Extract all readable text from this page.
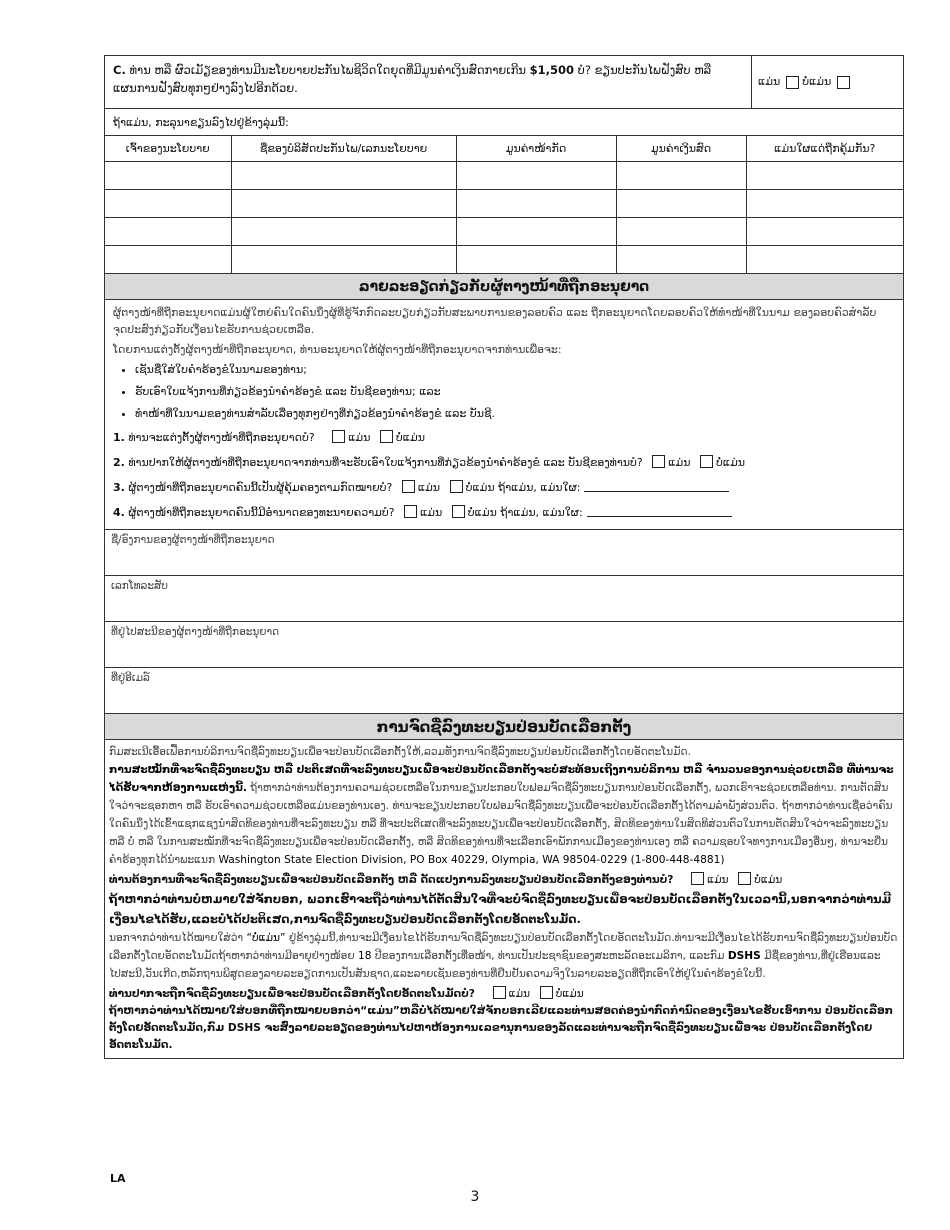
C. ທ່ານ ຫລື ຜົວເມັຽຂອງທ່ານມີນະໂຍບາຍປະກັນໄພຊີວິດໃດຍຸດທີ່ມີມູນຄ່າເງິນສົດກາຍເກີນ $1,500 ບໍ? ຂຽນປະກັນໄພຝັງສົບ ຫລື ແຜນການຝັງສົບທຸກໆຢ່າງລົງໄປອີກດ້ວຍ.	ແມ່ນ ບໍ່ແມ່ນ
ຖ້າແມ່ນ, ກະລຸນາຂຽນລົງໄປຢູ່ຂ້າງລຸ່ມນີ້:
ເຈົ້າຂອງນະໂຍບາຍ	ຊື່ຂອງບໍລິສັດປະກັນໄພ/ເລກນະໂຍບາຍ	ມູນຄ່າໜ້າກັດ	ມູນຄ່າເງິນສົດ	ແມ່ນໃຜແດ່ຖືກຄຸ້ມກັນ?

ລາຍລະອຽດກ່ຽວກັບຜູ້ຕາງໜ້າທີ່ຖືກອະນຸຍາດ

ຜູ້ຕາງໜ້າທີ່ຖືກອະນຸຍາດແມ່ນຜູ້ໃຫຍ່ຄົນໃດຄົນນຶ່ງຜູ້ທີ່ຮູ້ຈັກກົດລະບຽບກ່ຽວກັບສະພາບການຂອງລອບຄົວ ແລະ ຖືກອະນຸຍາດໂດຍລອບຄົວໃຫ້ທຳໜ້າທີ່ໃນນາມ ຂອງລອບຄົວສຳລັບຈຸດປະສົງກ່ຽວກັບເງື່ອນໄຂຮັບການຊ່ວຍເຫລືອ.

ໂດຍການແຕ່ງຕັ້ງຜູ້ຕາງໜ້າທີ່ຖືກອະນຸຍາດ, ທ່ານອະນຸຍາດໃຫ້ຜູ້ຕາງໜ້າທີ່ຖືກອະນຸຍາດຈາກທ່ານເພື່ອຈະ:

• ເຊັນຊື່ໃສ່ໃບຄຳຮ້ອງຂໍໃນນາມຂອງທ່ານ;
• ຮັບເອົາໃບແຈ້ງການທີ່ກ່ຽວຂ້ອງນຳຄຳຮ້ອງຂໍ ແລະ ບັນຊີຂອງທ່ານ; ແລະ
• ທຳໜ້າທີ່ໃນນາມຂອງທ່ານສຳລັບເລື່ອງທຸກໆຢ່າງທີ່ກ່ຽວຂ້ອງນຳຄຳຮ້ອງຂໍ ແລະ ບັນຊີ.
1. ທ່ານຈະແຕ່ງຕັ້ງຜູ້ຕາງໜ້າທີ່ຖືກອະນຸຍາດບໍ?	ແມ່ນ ບໍ່ແມ່ນ
2. ທ່ານປາກໃຫ້ຜູ້ຕາງໜ້າທີ່ຖືກອະນຸຍາດຈາກທ່ານທີ່ຈະຮັບເອົາໃບແຈ້ງການທີ່ກ່ຽວຂ້ອງນຳຄຳຮ້ອງຂໍ ແລະ ບັນຊີຂອງທ່ານບໍ? ແມ່ນ ບໍ່ແມ່ນ
3. ຜູ້ຕາງໜ້າທີ່ຖືກອະນຸຍາດຄົນນີ້ເປັນຜູ້ຄຸ້ມຄອງຕາມກົດໝາຍບໍ? ແມ່ນ ບໍ່ແມ່ນ ຖ້າແມ່ນ, ແມ່ນໃຜ:
4. ຜູ້ຕາງໜ້າທີ່ຖືກອະນຸຍາດຄົນນີ້ມີອຳນາດຂອງທະນາຍຄວາມບໍ? ແມ່ນ ບໍ່ແມ່ນ ຖ້າແມ່ນ, ແມ່ນໃຜ:
ຊື່/ອົງການຂອງຜູ້ຕາງໜ້າທີ່ຖືກອະນຸຍາດ
ເລກໂທລະສັບ
ທີ່ຢູ່ໄປສະນີຂອງຜູ້ຕາງໜ້າທີ່ຖືກອະນຸຍາດ
ທີ່ຢູ່ອີເມລ໌
ການຈົດຊື່ລົງທະບຽນປ່ອນບັດເລືອກຕັ້ງ

ກົມສະເນີເອື້ອເຟື້ອການບໍລິການຈົດຊື່ລົງທະບຽນເພື່ອຈະປ່ອນບັດເລືອກຕັ້ງໃຫ້,ລວມທັງການຈົດຊື່ລົງທະບຽນປ່ອນບັດເລືອກຕັ້ງໂດຍອັດຕະໂນມັດ.

ການສະໝັກທີ່ຈະຈົດຊື່ລົງທະບຽນ ຫລື ປະຕິເສດທີ່ຈະລົງທະບຽນເພື່ອຈະປ່ອນບັດເລືອກຕັ້ງຈະບໍ່ສະທ້ອນເຖິງການບໍລິການ ຫລື ຈຳນວນຂອງການຊ່ວຍເຫລືອ ທີ່ທ່ານຈະໄດ້ຮັບຈາກຫ້ອງການແຫ່ງນີ້. ຖ້າຫາກວ່າທ່ານຕ້ອງການຄວາມຊ່ວຍເຫລືອໃນການຂຽນປະກອບໃບຟອມຈົດຊື່ລົງທະບຽນການປ່ອນບັດເລືອກຕັ້ງ, ພວກເຮົາຈະຊ່ວຍເຫລືອທ່ານ. ການຕັດສິນໃຈວ່າຈະຊອກຫາ ຫລື ຮັບເອົາຄວາມຊ່ວຍເຫລືອແມ່ນຂອງທ່ານເອງ. ທ່ານຈະຂຽນປະກອບໃບຟອມຈົດຊື່ລົງທະບຽນເພື່ອຈະປ່ອນບັດເລືອກຕັ້ງໄດ້ຕາມລຳພັງສ່ວນຕົວ. ຖ້າຫາກວ່າທ່ານເຊື່ອວ່າຄົນໃດຄົນນຶ່ງໄດ້ເຂົ້າແຊກແຊງນຳສິດທິຂອງທ່ານທີ່ຈະລົງທະບຽນ ຫລື ທີ່ຈະປະຕິເສດທີ່ຈະລົງທະບຽນເພື່ອຈະປ່ອນບັດເລືອກຕັ້ງ, ສິດທິຂອງທ່ານໃນສິດທິສ່ວນຕົວໃນການຕັດສິນໃຈວ່າຈະລົງທະບຽນ ຫລື ບໍ່ ຫລື ໃນການສະໝັກທີ່ຈະຈົດຊື່ລົງທະບຽນເພື່ອຈະປ່ອນບັດເລືອກຕັ້ງ, ຫລື ສິດທິຂອງທ່ານທີ່ຈະເລືອກເອົາພັກການເມືອງຂອງທ່ານເອງ ຫລື ຄວາມຊອບໃຈທາງການເມືອງອື່ນໆ, ທ່ານຈະຍື່ນຄຳຮ້ອງທຸກໄດ້ນຳພະແນກ Washington State Election Division, PO Box 40229, Olympia, WA 98504-0229 (1-800-448-4881)

ທ່ານຕ້ອງການທີ່ຈະຈົດຊື່ລົງທະບຽນເພື່ອຈະປ່ອນບັດເລືອກຕັ້ງ ຫລື ດັດແປງການລົງທະບຽນປ່ອນບັດເລືອກຕັ້ງຂອງທ່ານບໍ?	ແມ່ນ ບໍ່ແມ່ນ

ຖ້າຫາກວ່າທ່ານບໍ່ຫມາຍໃສ່ຈັກບອກ, ພວກເຮົາຈະຖືວ່າທ່ານໄດ້ຕັດສິນໃຈທີ່ຈະບໍ່ຈົດຊື່ລົງທະບຽນເພື່ອຈະປ່ອນບັດເລືອກຕັ້ງໃນເວລານີ້,ນອກຈາກວ່າທ່ານມີເງື່ອນໄຂໄດ້ຮັບ,ແລະບໍ່ໄດ້ປະຕິເສດ,ການຈົດຊື່ລົງທະບຽນປ່ອນບັດເລືອກຕັ້ງໂດຍອັດຕະໂນມັດ.

ນອກຈາກວ່າທ່ານໄດ້ໝາຍໃສ່ວ່າ “ບໍ່ແມ່ນ” ຢູ່ຂ້າງລຸ່ມນີ້,ທ່ານຈະມີເງື່ອນໄຂໄດ້ຮັບການຈົດຊື່ລົງທະບຽນປ່ອນບັດເລືອກຕັ້ງໂດຍອັດຕະໂນມັດ.ທ່ານຈະມີເງື່ອນໄຂໄດ້ຮັບການຈົດຊື່ລົງທະບຽນປ່ອນບັດເລືອກຕັ້ງໂດຍອັດຕະໂນມັດຖ້າຫາກວ່າທ່ານມີອາຍຸຢ່າງໜ້ອຍ 18 ປີຂອງການເລືອກຕັ້ງເທື່ອໜ້າ, ທ່ານເປັນປະຊາຊົນຂອງສະຫະລັດອະເມລິກາ, ແລະກົມ DSHS ມີຊື່ຂອງທ່ານ,ທີ່ຢູ່ເຮືອນແລະໄປສະນີ,ວັນເກີດ,ຫລັກຖານພິສູດຂອງລາຍລະອຽດການເປັນສັນຊາດ,ແລະລາຍເຊັນຂອງທ່ານທີ່ຢືນຢັນຄວາມຈິງໃນລາຍລະອຽດທີ່ຖືກເອົາໃຫ້ຢູ່ໃນຄຳຮ້ອງຂໍໃບນີ້.

ທ່ານປາກຈະຖືກຈົດຊື່ລົງທະບຽນເພື່ອຈະປ່ອນບັດເລືອກຕັ້ງໂດຍອັດຕະໂນມັດບໍ?	ແມ່ນ ບໍ່ແມ່ນ

ຖ້າຫາກວ່າທ່ານໄດ້ໝາຍໃສ່ບອກທີ່ຖືກໝາຍບອກວ່າ“ແມ່ນ”ຫລືບໍ່ໄດ້ໝາຍໃສ່ຈັກບອກເລີຍແລະທ່ານສອດຄ່ອງນຳກົດກຳນົດຂອງເງື່ອນໄຂຮັບເອົາການ ປ່ອນບັດເລືອກຕັ້ງໂດຍອັດຕະໂນມັດ,ກົມ DSHS ຈະສົ່ງລາຍລະອຽດຂອງທ່ານໄປຫາຫ້ອງການເລຂານຸການຂອງລັດແລະທ່ານຈະຖືກຈົດຊື່ລົງທະບຽນເພື່ອຈະ ປ່ອນບັດເລືອກຕັ້ງໂດຍອັດຕະໂນມັດ.

LA
3
